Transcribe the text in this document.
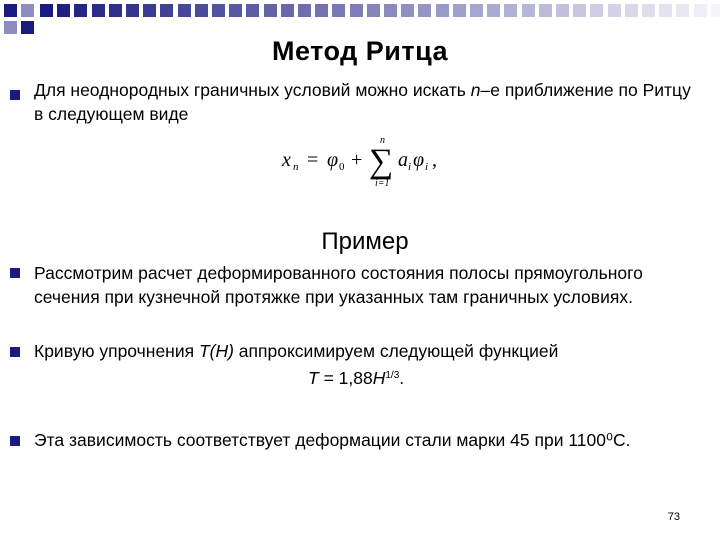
Метод Ритца
Для неоднородных граничных условий можно искать n–е приближение по Ритцу в следующем виде
x n = φ 0 +
n
∑
i=1
a i φ i ,
Пример
Рассмотрим расчет деформированного состояния полосы прямоугольного сечения при кузнечной протяжке при указанных там граничных условиях.
Кривую упрочнения T(H) аппроксимируем следующей функцией
$T = 1,88H^{1/3}$.
Эта зависимость соответствует деформации стали марки 45 при 1100⁰С.
73
